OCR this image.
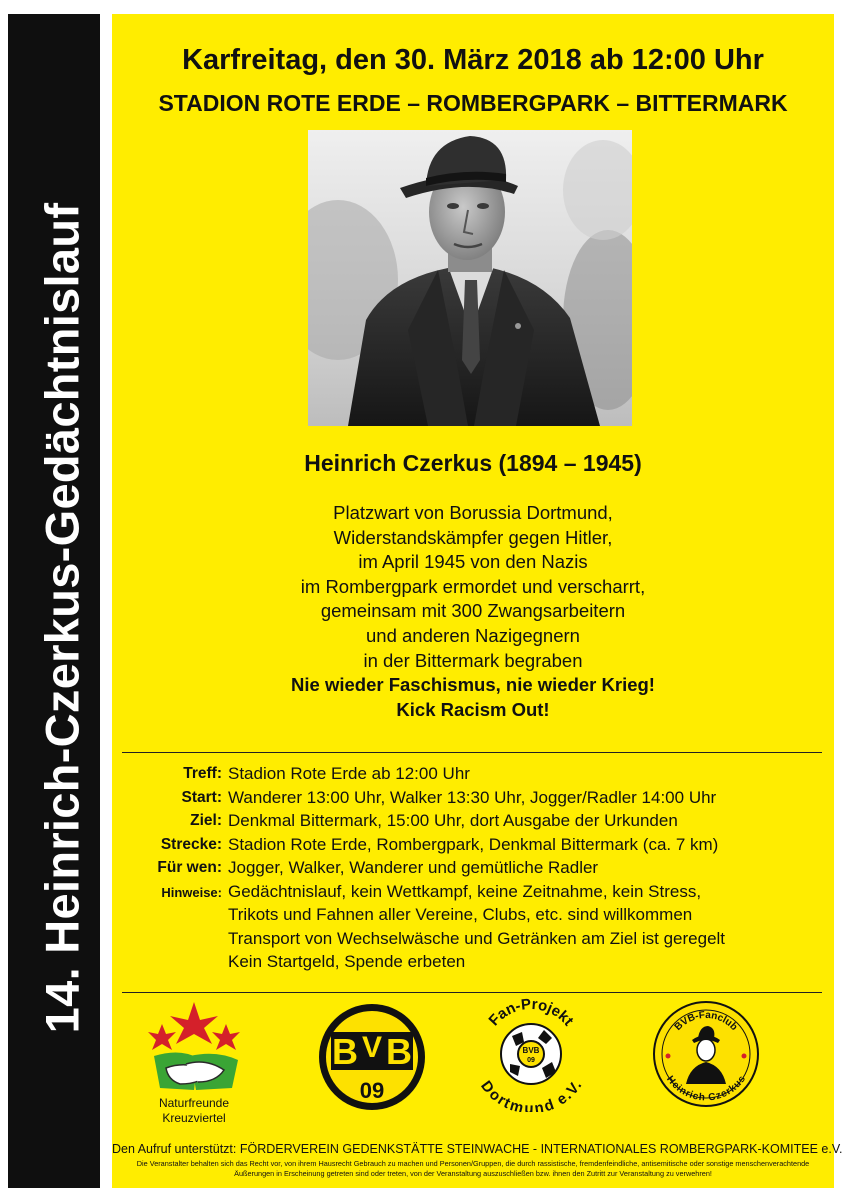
14. Heinrich-Czerkus-Gedächtnislauf
Karfreitag, den 30. März 2018 ab 12:00 Uhr
STADION ROTE ERDE – ROMBERGPARK – BITTERMARK
Heinrich Czerkus (1894 – 1945)
Platzwart von Borussia Dortmund,
Widerstandskämpfer gegen Hitler,
im April 1945 von den Nazis
im Rombergpark ermordet und verscharrt,
gemeinsam mit 300 Zwangsarbeitern
und anderen Nazigegnern
in der Bittermark begraben
Nie wieder Faschismus, nie wieder Krieg!
Kick Racism Out!
Treff: Stadion Rote Erde ab 12:00 Uhr
Start: Wanderer 13:00 Uhr, Walker 13:30 Uhr, Jogger/Radler 14:00 Uhr
Ziel: Denkmal Bittermark, 15:00 Uhr, dort Ausgabe der Urkunden
Strecke: Stadion Rote Erde, Rombergpark, Denkmal Bittermark (ca. 7 km)
Für wen: Jogger, Walker, Wanderer und gemütliche Radler
Hinweise: Gedächtnislauf, kein Wettkampf, keine Zeitnahme, kein Stress,
Trikots und Fahnen aller Vereine, Clubs, etc. sind willkommen
Transport von Wechselwäsche und Getränken am Ziel ist geregelt
Kein Startgeld, Spende erbeten
Naturfreunde
Kreuzviertel
B V B
09
Fan-Projekt
Dortmund e.V.
BVB
09
BVB-Fanclub
Heinrich Czerkus
Den Aufruf unterstützt: FÖRDERVEREIN GEDENKSTÄTTE STEINWACHE - INTERNATIONALES ROMBERGPARK-KOMITEE e.V.
Die Veranstalter behalten sich das Recht vor, von ihrem Hausrecht Gebrauch zu machen und Personen/Gruppen, die durch rassistische, fremdenfeindliche, antisemitische oder sonstige menschenverachtende Äußerungen in Erscheinung getreten sind oder treten, von der Veranstaltung auszuschließen bzw. ihnen den Zutritt zur Veranstaltung zu verwehren!
